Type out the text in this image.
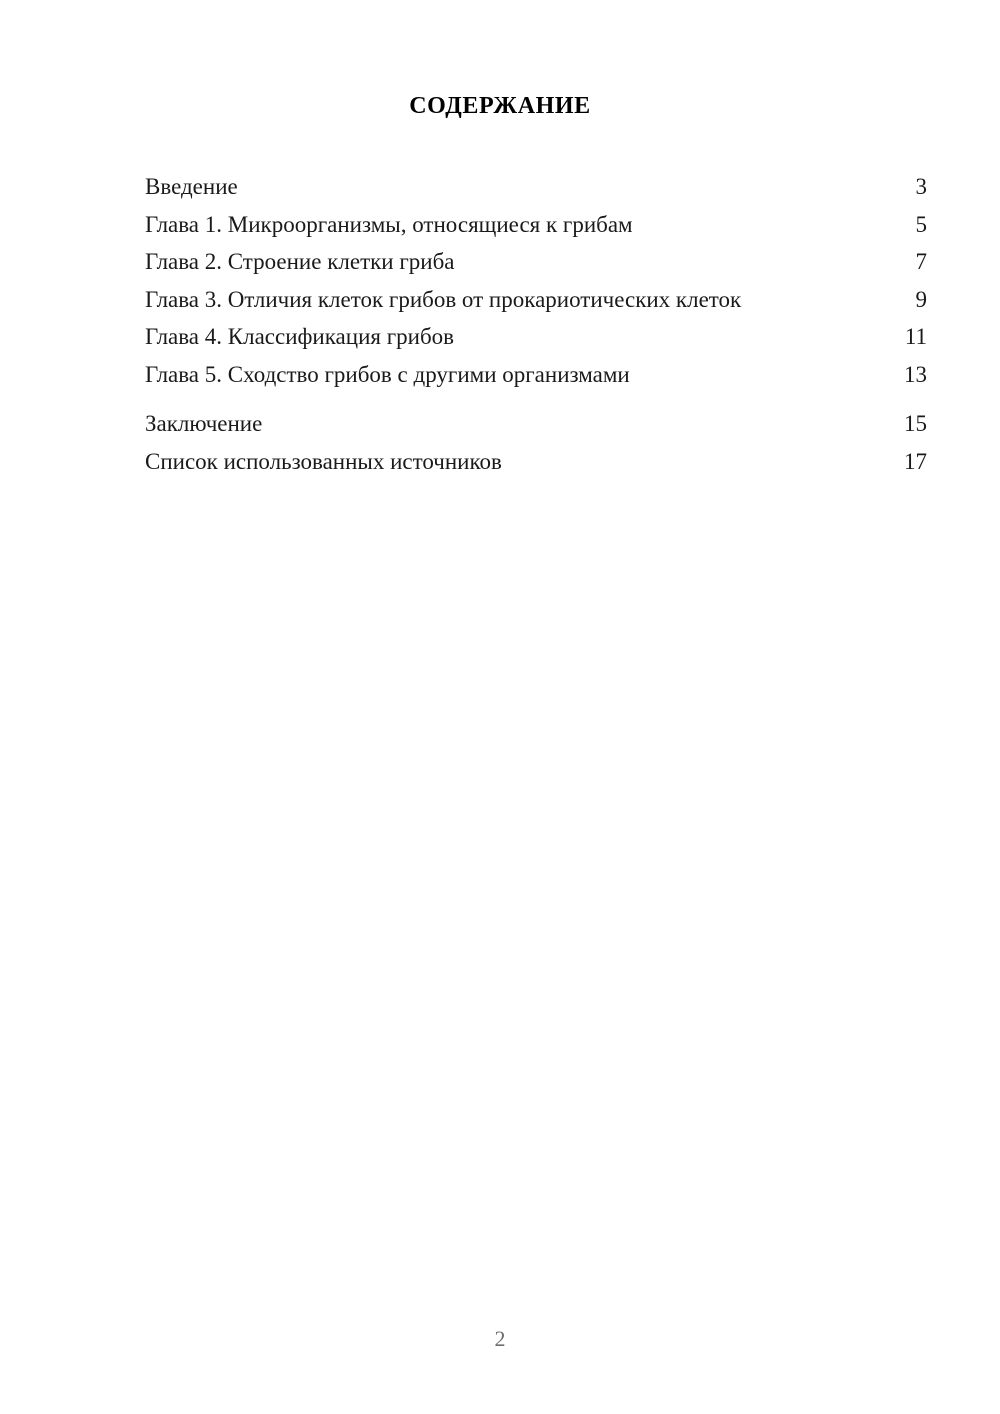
СОДЕРЖАНИЕ
Введение	3
Глава 1. Микроорганизмы, относящиеся к грибам	5
Глава 2. Строение клетки гриба	7
Глава 3. Отличия клеток грибов от прокариотических клеток	9
Глава 4. Классификация грибов	11
Глава 5. Сходство грибов с другими организмами	13
Заключение	15
Список использованных источников	17
2
